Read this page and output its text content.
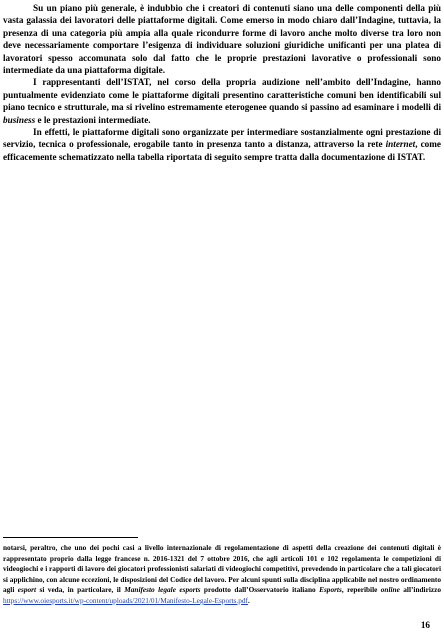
Su un piano più generale, è indubbio che i creatori di contenuti siano una delle componenti della più vasta galassia dei lavoratori delle piattaforme digitali. Come emerso in modo chiaro dall’Indagine, tuttavia, la presenza di una categoria più ampia alla quale ricondurre forme di lavoro anche molto diverse tra loro non deve necessariamente comportare l’esigenza di individuare soluzioni giuridiche unificanti per una platea di lavoratori spesso accomunata solo dal fatto che le proprie prestazioni lavorative o professionali sono intermediate da una piattaforma digitale.

I rappresentanti dell’ISTAT, nel corso della propria audizione nell’ambito dell’Indagine, hanno puntualmente evidenziato come le piattaforme digitali presentino caratteristiche comuni ben identificabili sul piano tecnico e strutturale, ma si rivelino estremamente eterogenee quando si passino ad esaminare i modelli di business e le prestazioni intermediate.

In effetti, le piattaforme digitali sono organizzate per intermediare sostanzialmente ogni prestazione di servizio, tecnica o professionale, erogabile tanto in presenza tanto a distanza, attraverso la rete internet, come efficacemente schematizzato nella tabella riportata di seguito sempre tratta dalla documentazione di ISTAT.

notarsi, peraltro, che uno dei pochi casi a livello internazionale di regolamentazione di aspetti della creazione dei contenuti digitali è rappresentato proprio dalla legge francese n. 2016-1321 del 7 ottobre 2016, che agli articoli 101 e 102 regolamenta le competizioni di videogiochi e i rapporti di lavoro dei giocatori professionisti salariati di videogiochi competitivi, prevedendo in particolare che a tali giocatori si applichino, con alcune eccezioni, le disposizioni del Codice del lavoro. Per alcuni spunti sulla disciplina applicabile nel nostro ordinamento agli esport si veda, in particolare, il Manifesto legale esports prodotto dall’Osservatorio italiano Esports, reperibile online all’indirizzo https://www.oiesports.it/wp-content/uploads/2021/01/Manifesto-Legale-Esports.pdf.

16
